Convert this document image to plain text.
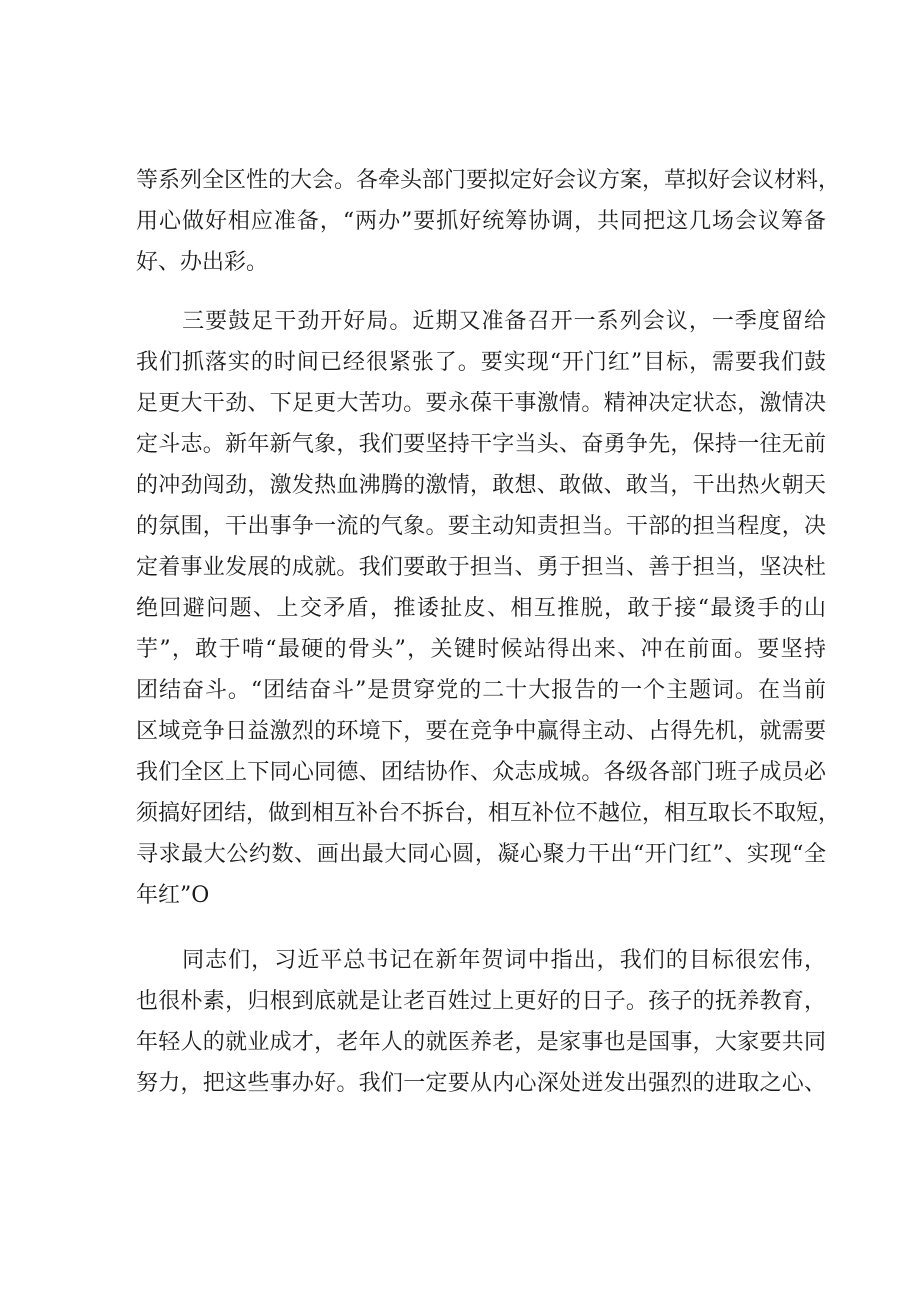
等系列全区性的大会。各牵头部门要拟定好会议方案，草拟好会议材料，
用心做好相应准备，“两办”要抓好统筹协调，共同把这几场会议筹备
好、办出彩。
　　三要鼓足干劲开好局。近期又准备召开一系列会议，一季度留给
我们抓落实的时间已经很紧张了。要实现“开门红”目标，需要我们鼓
足更大干劲、下足更大苦功。要永葆干事激情。精神决定状态，激情决
定斗志。新年新气象，我们要坚持干字当头、奋勇争先，保持一往无前
的冲劲闯劲，激发热血沸腾的激情，敢想、敢做、敢当，干出热火朝天
的氛围，干出事争一流的气象。要主动知责担当。干部的担当程度，决
定着事业发展的成就。我们要敢于担当、勇于担当、善于担当，坚决杜
绝回避问题、上交矛盾，推诿扯皮、相互推脱，敢于接“最烫手的山
芋”，敢于啃“最硬的骨头”，关键时候站得出来、冲在前面。要坚持
团结奋斗。“团结奋斗”是贯穿党的二十大报告的一个主题词。在当前
区域竞争日益激烈的环境下，要在竞争中赢得主动、占得先机，就需要
我们全区上下同心同德、团结协作、众志成城。各级各部门班子成员必
须搞好团结，做到相互补台不拆台，相互补位不越位，相互取长不取短，
寻求最大公约数、画出最大同心圆，凝心聚力干出“开门红”、实现“全
年红”O
　　同志们，习近平总书记在新年贺词中指出，我们的目标很宏伟，
也很朴素，归根到底就是让老百姓过上更好的日子。孩子的抚养教育，
年轻人的就业成才，老年人的就医养老，是家事也是国事，大家要共同
努力，把这些事办好。我们一定要从内心深处迸发出强烈的进取之心、
